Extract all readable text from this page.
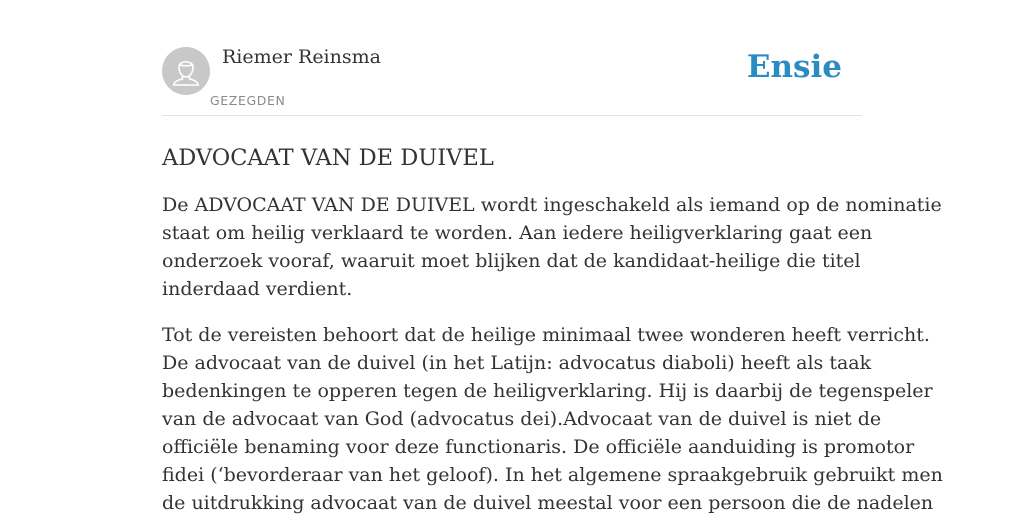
Riemer Reinsma
GEZEGDEN
Ensie
ADVOCAAT VAN DE DUIVEL

De ADVOCAAT VAN DE DUIVEL wordt ingeschakeld als iemand op de nominatie
staat om heilig verklaard te worden. Aan iedere heiligverklaring gaat een
onderzoek vooraf, waaruit moet blijken dat de kandidaat-heilige die titel
inderdaad verdient.

Tot de vereisten behoort dat de heilige minimaal twee wonderen heeft verricht.
De advocaat van de duivel (in het Latijn: advocatus diaboli) heeft als taak
bedenkingen te opperen tegen de heiligverklaring. Hij is daarbij de tegenspeler
van de advocaat van God (advocatus dei).Advocaat van de duivel is niet de
officiële benaming voor deze functionaris. De officiële aanduiding is promotor
fidei (‘bevorderaar van het geloof). In het algemene spraakgebruik gebruikt men
de uitdrukking advocaat van de duivel meestal voor een persoon die de nadelen
